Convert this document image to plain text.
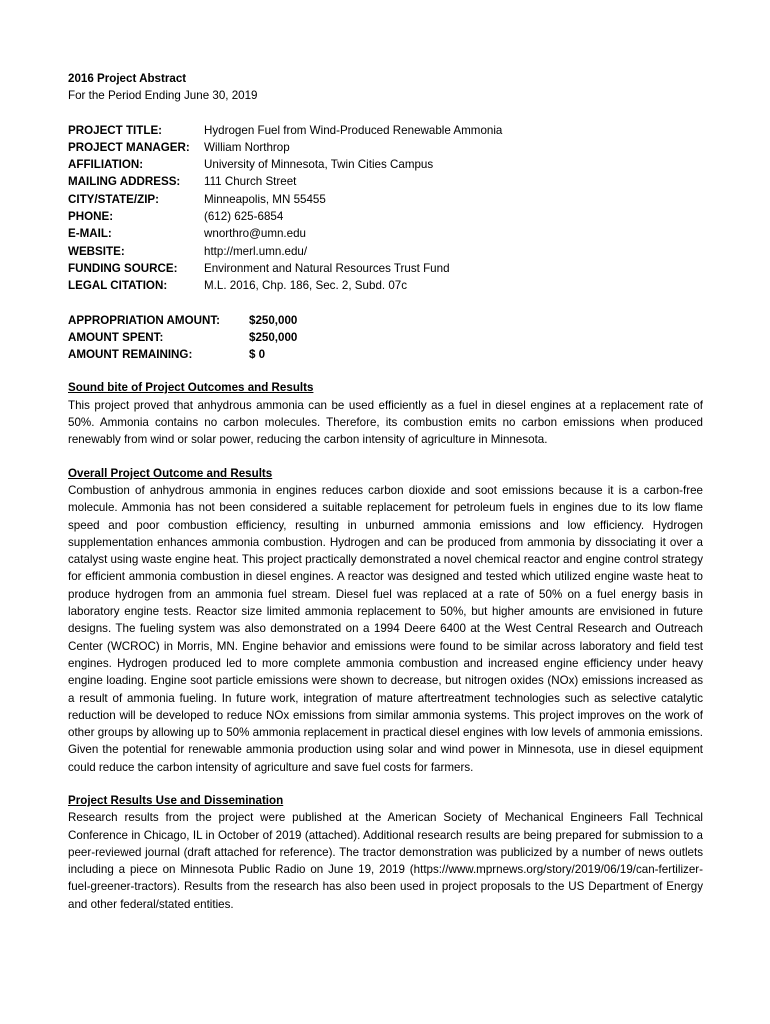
2016 Project Abstract
For the Period Ending June 30, 2019
PROJECT TITLE:	Hydrogen Fuel from Wind-Produced Renewable Ammonia
PROJECT MANAGER:	William Northrop
AFFILIATION:	University of Minnesota, Twin Cities Campus
MAILING ADDRESS:	111 Church Street
CITY/STATE/ZIP:	Minneapolis, MN 55455
PHONE:	(612) 625-6854
E-MAIL:	wnorthro@umn.edu
WEBSITE:	http://merl.umn.edu/
FUNDING SOURCE:	Environment and Natural Resources Trust Fund
LEGAL CITATION:	M.L. 2016, Chp. 186, Sec. 2, Subd. 07c
APPROPRIATION AMOUNT:	$250,000
AMOUNT SPENT:	$250,000
AMOUNT REMAINING:	$ 0
Sound bite of Project Outcomes and Results
This project proved that anhydrous ammonia can be used efficiently as a fuel in diesel engines at a replacement rate of 50%. Ammonia contains no carbon molecules. Therefore, its combustion emits no carbon emissions when produced renewably from wind or solar power, reducing the carbon intensity of agriculture in Minnesota.
Overall Project Outcome and Results
Combustion of anhydrous ammonia in engines reduces carbon dioxide and soot emissions because it is a carbon-free molecule. Ammonia has not been considered a suitable replacement for petroleum fuels in engines due to its low flame speed and poor combustion efficiency, resulting in unburned ammonia emissions and low efficiency. Hydrogen supplementation enhances ammonia combustion. Hydrogen and can be produced from ammonia by dissociating it over a catalyst using waste engine heat. This project practically demonstrated a novel chemical reactor and engine control strategy for efficient ammonia combustion in diesel engines. A reactor was designed and tested which utilized engine waste heat to produce hydrogen from an ammonia fuel stream. Diesel fuel was replaced at a rate of 50% on a fuel energy basis in laboratory engine tests. Reactor size limited ammonia replacement to 50%, but higher amounts are envisioned in future designs. The fueling system was also demonstrated on a 1994 Deere 6400 at the West Central Research and Outreach Center (WCROC) in Morris, MN. Engine behavior and emissions were found to be similar across laboratory and field test engines. Hydrogen produced led to more complete ammonia combustion and increased engine efficiency under heavy engine loading. Engine soot particle emissions were shown to decrease, but nitrogen oxides (NOx) emissions increased as a result of ammonia fueling. In future work, integration of mature aftertreatment technologies such as selective catalytic reduction will be developed to reduce NOx emissions from similar ammonia systems. This project improves on the work of other groups by allowing up to 50% ammonia replacement in practical diesel engines with low levels of ammonia emissions. Given the potential for renewable ammonia production using solar and wind power in Minnesota, use in diesel equipment could reduce the carbon intensity of agriculture and save fuel costs for farmers.
Project Results Use and Dissemination
Research results from the project were published at the American Society of Mechanical Engineers Fall Technical Conference in Chicago, IL in October of 2019 (attached). Additional research results are being prepared for submission to a peer-reviewed journal (draft attached for reference). The tractor demonstration was publicized by a number of news outlets including a piece on Minnesota Public Radio on June 19, 2019 (https://www.mprnews.org/story/2019/06/19/can-fertilizer-fuel-greener-tractors). Results from the research has also been used in project proposals to the US Department of Energy and other federal/stated entities.
